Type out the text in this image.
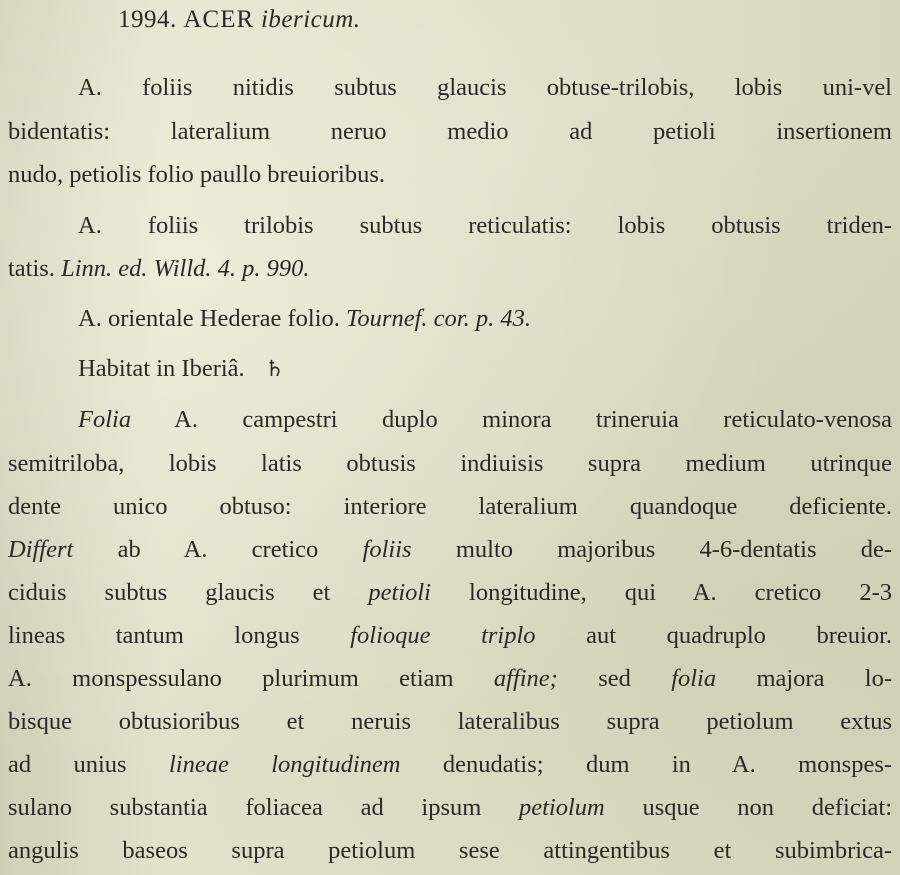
1994. ACER ibericum.
A. foliis nitidis subtus glaucis obtuse-trilobis, lobis uni-vel
bidentatis: lateralium neruo medio ad petioli insertionem
nudo, petiolis folio paullo breuioribus.
A. foliis trilobis subtus reticulatis: lobis obtusis triden-
tatis. Linn. ed. Willd. 4. p. 990.
A. orientale Hederae folio. Tournef. cor. p. 43.
Habitat in Iberiâ. ♄
Folia A. campestri duplo minora trineruia reticulato-venosa
semitriloba, lobis latis obtusis indiuisis supra medium utrinque
dente unico obtuso: interiore lateralium quandoque deficiente.
Differt ab A. cretico foliis multo majoribus 4-6-dentatis de-
ciduis subtus glaucis et petioli longitudine, qui A. cretico 2-3
lineas tantum longus folioque triplo aut quadruplo breuior.
A. monspessulano plurimum etiam affine; sed folia majora lo-
bisque obtusioribus et neruis lateralibus supra petiolum extus
ad unius lineae longitudinem denudatis; dum in A. monspes-
sulano substantia foliacea ad ipsum petiolum usque non deficiat:
angulis baseos supra petiolum sese attingentibus et subimbrica-
